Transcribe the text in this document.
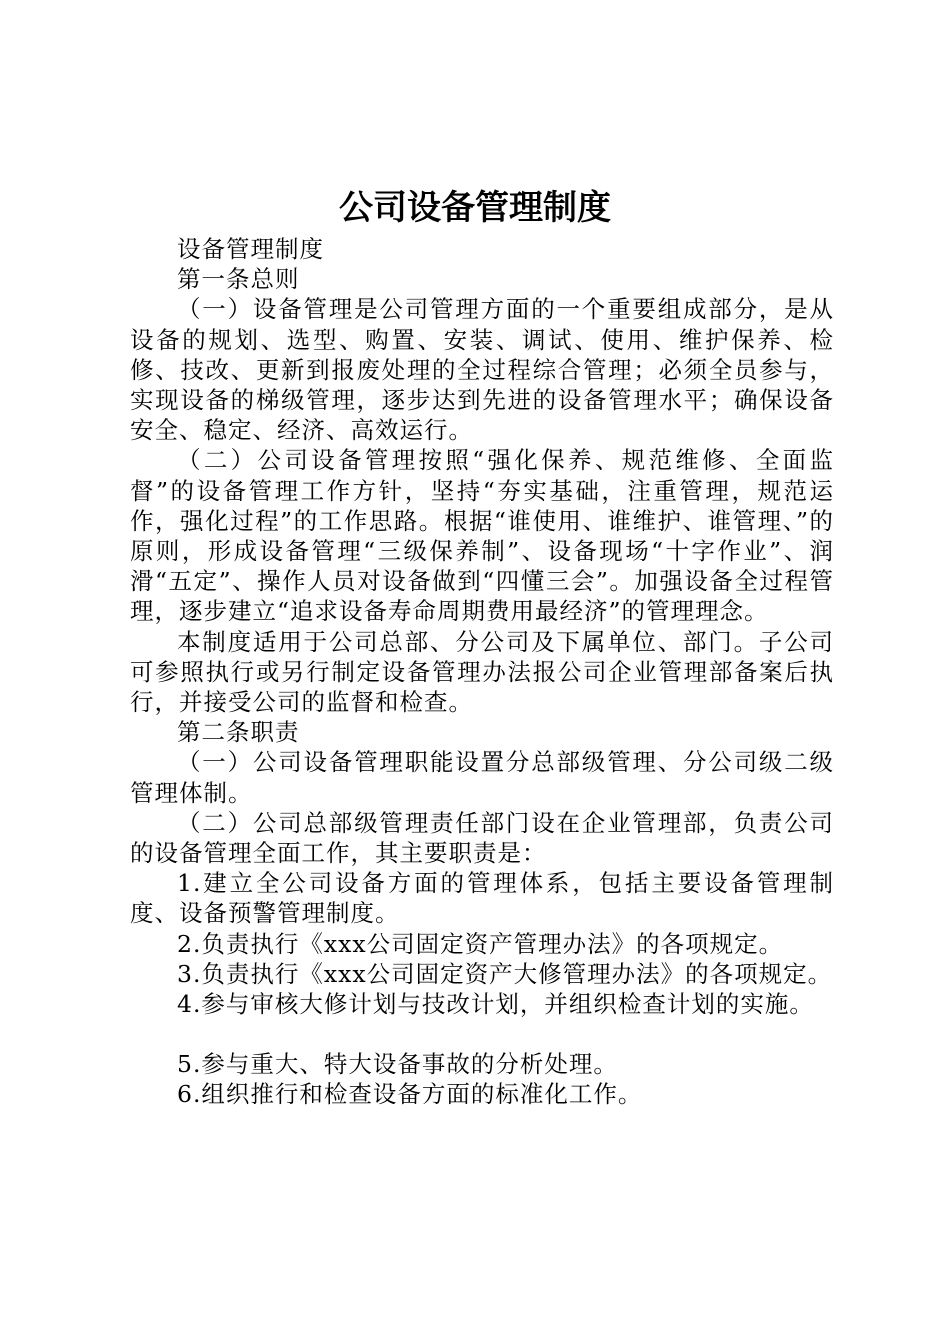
公司设备管理制度

设备管理制度

第一条总则

（一）设备管理是公司管理方面的一个重要组成部分，是从设备的规划、选型、购置、安装、调试、使用、维护保养、检修、技改、更新到报废处理的全过程综合管理；必须全员参与，实现设备的梯级管理，逐步达到先进的设备管理水平；确保设备安全、稳定、经济、高效运行。

（二）公司设备管理按照“强化保养、规范维修、全面监督”的设备管理工作方针，坚持“夯实基础，注重管理，规范运作，强化过程”的工作思路。根据“谁使用、谁维护、谁管理、”的原则，形成设备管理“三级保养制”、设备现场“十字作业”、润滑“五定”、操作人员对设备做到“四懂三会”。加强设备全过程管理，逐步建立“追求设备寿命周期费用最经济”的管理理念。

本制度适用于公司总部、分公司及下属单位、部门。子公司可参照执行或另行制定设备管理办法报公司企业管理部备案后执行，并接受公司的监督和检查。

第二条职责

（一）公司设备管理职能设置分总部级管理、分公司级二级管理体制。

（二）公司总部级管理责任部门设在企业管理部，负责公司的设备管理全面工作，其主要职责是：

1.建立全公司设备方面的管理体系，包括主要设备管理制度、设备预警管理制度。

2.负责执行《xxx公司固定资产管理办法》的各项规定。

3.负责执行《xxx公司固定资产大修管理办法》的各项规定。

4.参与审核大修计划与技改计划，并组织检查计划的实施。

5.参与重大、特大设备事故的分析处理。

6.组织推行和检查设备方面的标准化工作。
